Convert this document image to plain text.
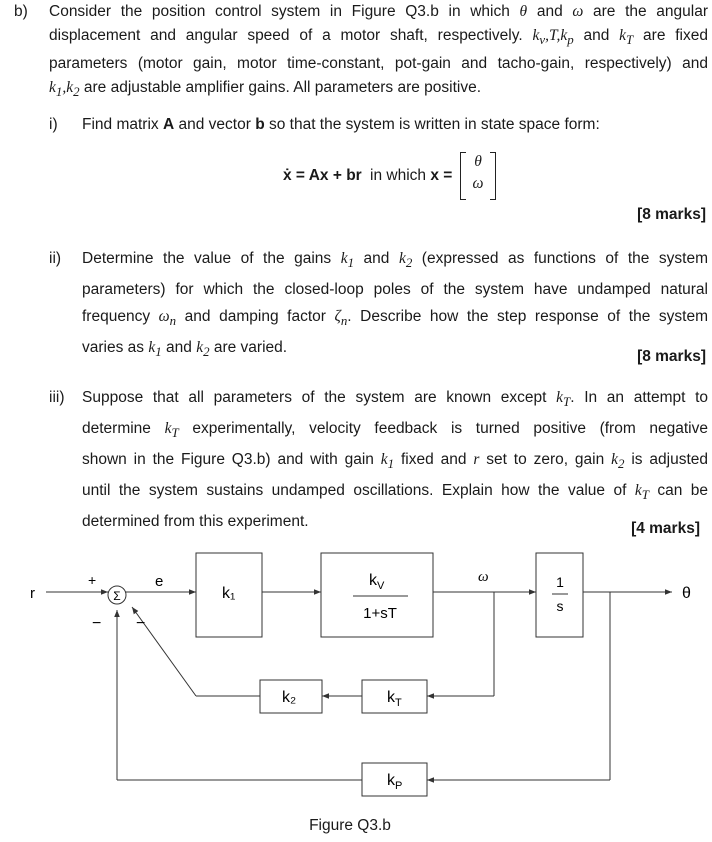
b) Consider the position control system in Figure Q3.b in which θ and ω are the angular
displacement and angular speed of a motor shaft, respectively. $k_v,T,k_p$ and $k_T$ are fixed
parameters (motor gain, motor time-constant, pot-gain and tacho-gain, respectively) and
$k_1,k_2$ are adjustable amplifier gains. All parameters are positive.
i) Find matrix A and vector b so that the system is written in state space form:
ẋ = Ax + br in which x =
θ
ω
[8 marks]
ii) Determine the value of the gains $k_1$ and $k_2$ (expressed as functions of the system
parameters) for which the closed-loop poles of the system have undamped natural
frequency $\omega_n$ and damping factor $\zeta_n$. Describe how the step response of the system
varies as $k_1$ and $k_2$ are varied.
[8 marks]
iii) Suppose that all parameters of the system are known except $k_T$. In an attempt to
determine $k_T$ experimentally, velocity feedback is turned positive (from negative
shown in the Figure Q3.b) and with gain $k_1$ fixed and r set to zero, gain $k_2$ is adjusted
until the system sustains undamped oscillations. Explain how the value of $k_T$ can be
determined from this experiment.	[4 marks]
Σ
+
− −
r
e	ω
θ
k₁
$k_V$
1+sT
1
s
k₂	$k_T$
$k_P$
Figure Q3.b
